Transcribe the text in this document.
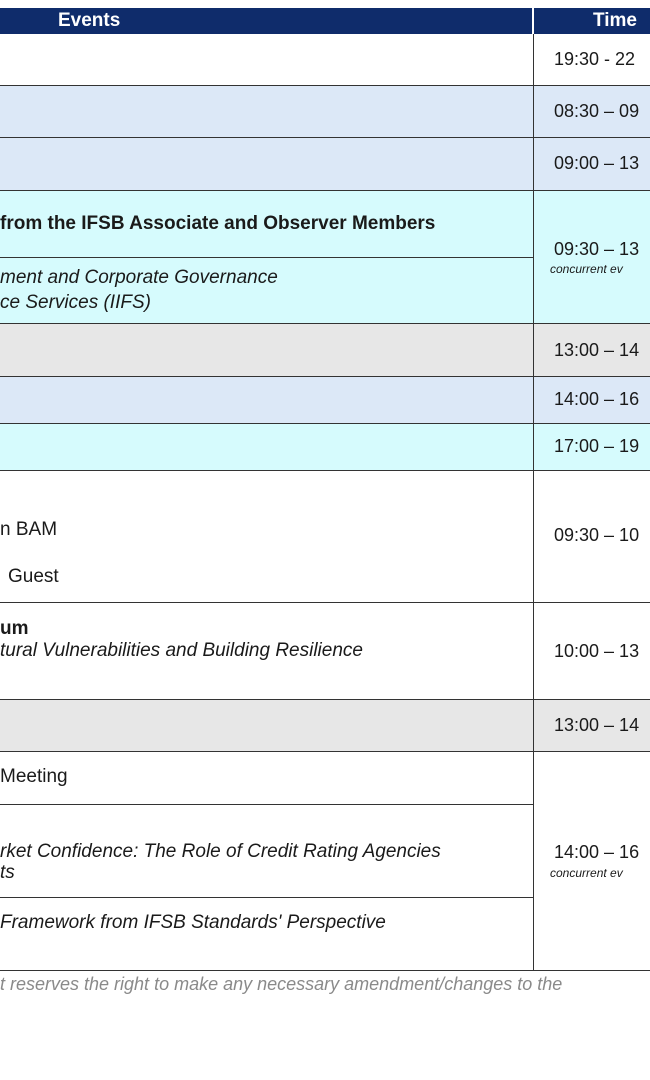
Events	Time
19:30 - 22
08:30 – 09
09:00 – 13
from the IFSB Associate and Observer Members
ment and Corporate Governance
ce Services (IIFS)
09:30 – 13
concurrent ev
13:00 – 14
14:00 – 16
17:00 – 19
n BAM
Guest
09:30 – 10
um
tural Vulnerabilities and Building Resilience	10:00 – 13
13:00 – 14
Meeting
rket Confidence: The Role of Credit Rating Agencies
ts
Framework from IFSB Standards' Perspective
14:00 – 16
concurrent ev
t reserves the right to make any necessary amendment/changes to the
